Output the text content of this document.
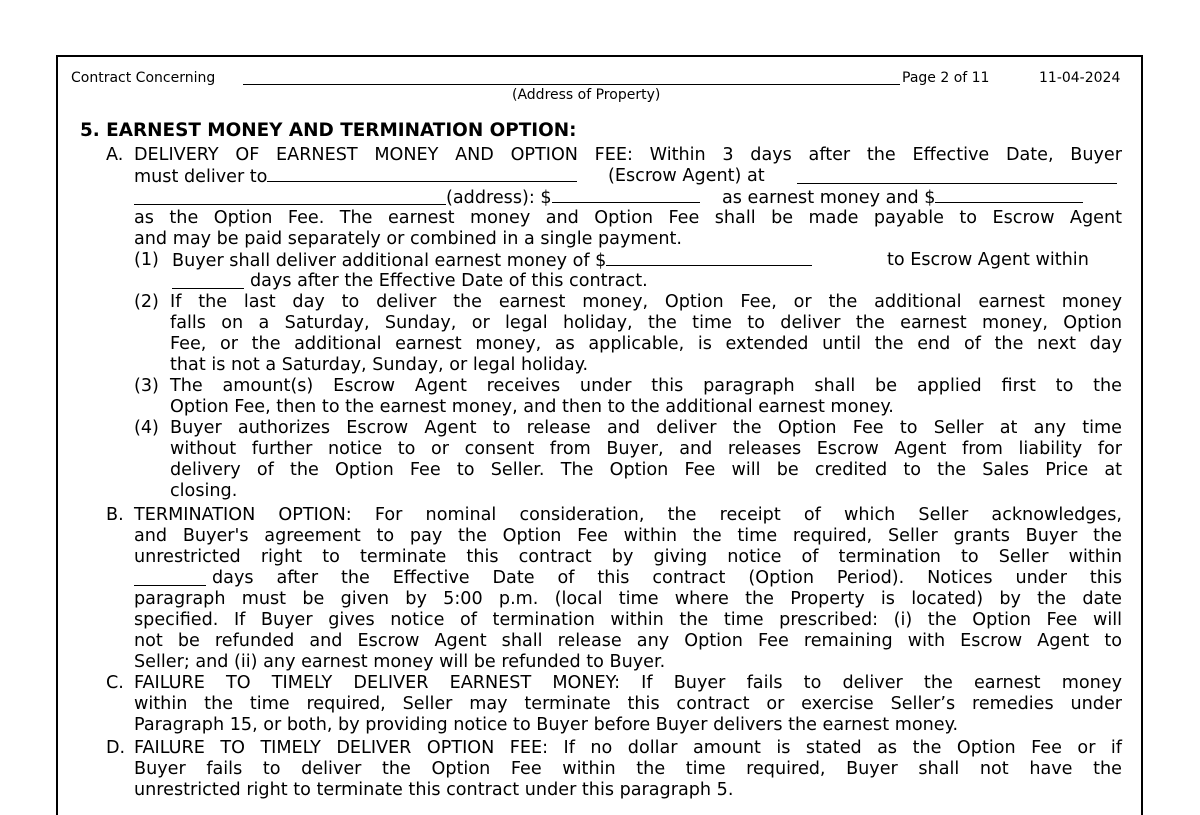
Contract Concerning	Page 2 of 11	11-04-2024
(Address of Property)
5. EARNEST MONEY AND TERMINATION OPTION:
A. DELIVERY OF EARNEST MONEY AND OPTION FEE: Within 3 days after the Effective Date, Buyer
must deliver to	(Escrow Agent) at
(address): $	as earnest money and $
as the Option Fee. The earnest money and Option Fee shall be made payable to Escrow Agent
and may be paid separately or combined in a single payment.
(1) Buyer shall deliver additional earnest money of $	to Escrow Agent within
days after the Effective Date of this contract.
(2) If the last day to deliver the earnest money, Option Fee, or the additional earnest money
falls on a Saturday, Sunday, or legal holiday, the time to deliver the earnest money, Option
Fee, or the additional earnest money, as applicable, is extended until the end of the next day
that is not a Saturday, Sunday, or legal holiday.
(3) The amount(s) Escrow Agent receives under this paragraph shall be applied first to the
Option Fee, then to the earnest money, and then to the additional earnest money.
(4) Buyer authorizes Escrow Agent to release and deliver the Option Fee to Seller at any time
without further notice to or consent from Buyer, and releases Escrow Agent from liability for
delivery of the Option Fee to Seller. The Option Fee will be credited to the Sales Price at
closing.
B. TERMINATION OPTION: For nominal consideration, the receipt of which Seller acknowledges,
and Buyer's agreement to pay the Option Fee within the time required, Seller grants Buyer the
unrestricted right to terminate this contract by giving notice of termination to Seller within
days after the Effective Date of this contract (Option Period). Notices under this
paragraph must be given by 5:00 p.m. (local time where the Property is located) by the date
specified. If Buyer gives notice of termination within the time prescribed: (i) the Option Fee will
not be refunded and Escrow Agent shall release any Option Fee remaining with Escrow Agent to
Seller; and (ii) any earnest money will be refunded to Buyer.
C. FAILURE TO TIMELY DELIVER EARNEST MONEY: If Buyer fails to deliver the earnest money
within the time required, Seller may terminate this contract or exercise Seller’s remedies under
Paragraph 15, or both, by providing notice to Buyer before Buyer delivers the earnest money.
D. FAILURE TO TIMELY DELIVER OPTION FEE: If no dollar amount is stated as the Option Fee or if
Buyer fails to deliver the Option Fee within the time required, Buyer shall not have the
unrestricted right to terminate this contract under this paragraph 5.
